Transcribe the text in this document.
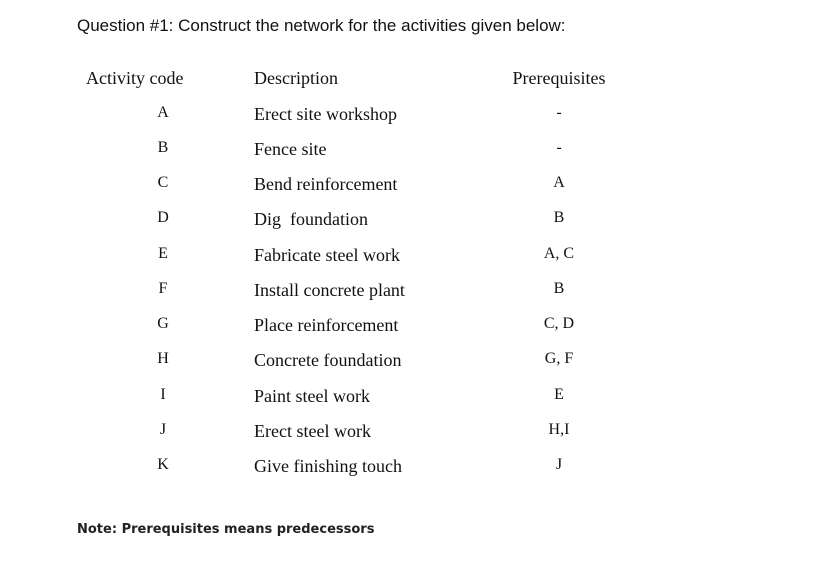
Question #1: Construct the network for the activities given below:
Activity code	Description	Prerequisites
A	Erect site workshop	-
B	Fence site	-
C	Bend reinforcement	A
D	Dig  foundation	B
E	Fabricate steel work	A, C
F	Install concrete plant	B
G	Place reinforcement	C, D
H	Concrete foundation	G, F
I	Paint steel work	E
J	Erect steel work	H,I
K	Give finishing touch	J
Note: Prerequisites means predecessors
